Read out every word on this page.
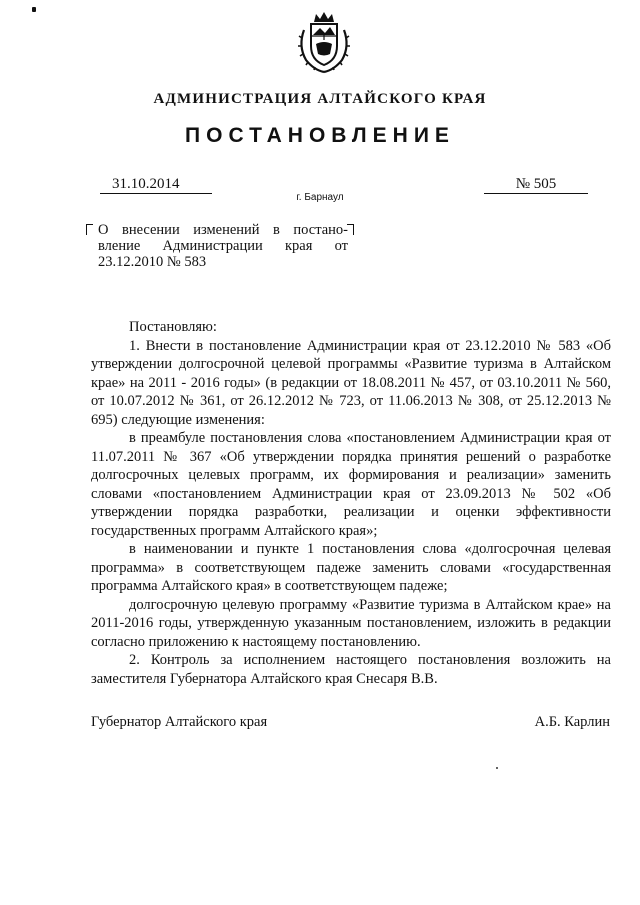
АДМИНИСТРАЦИЯ АЛТАЙСКОГО КРАЯ
ПОСТАНОВЛЕНИЕ
31.10.2014	№ 505
г. Барнаул
О внесении изменений в постано-
вление Администрации края от
23.12.2010 № 583

Постановляю:

1. Внести в постановление Администрации края от 23.12.2010 № 583 «Об утверждении долгосрочной целевой программы «Развитие туризма в Алтайском крае» на 2011 - 2016 годы» (в редакции от 18.08.2011 № 457, от 03.10.2011 № 560, от 10.07.2012 № 361, от 26.12.2012 № 723, от 11.06.2013 № 308, от 25.12.2013 № 695) следующие изменения:

в преамбуле постановления слова «постановлением Администрации края от 11.07.2011 № 367 «Об утверждении порядка принятия решений о разработке долгосрочных целевых программ, их формирования и реализации» заменить словами «постановлением Администрации края от 23.09.2013 № 502 «Об утверждении порядка разработки, реализации и оценки эффективности государственных программ Алтайского края»;

в наименовании и пункте 1 постановления слова «долгосрочная целевая программа» в соответствующем падеже заменить словами «государственная программа Алтайского края» в соответствующем падеже;

долгосрочную целевую программу «Развитие туризма в Алтайском крае» на 2011-2016 годы, утвержденную указанным постановлением, изложить в редакции согласно приложению к настоящему постановлению.

2. Контроль за исполнением настоящего постановления возложить на заместителя Губернатора Алтайского края Снесаря В.В.

Губернатор Алтайского края	А.Б. Карлин
